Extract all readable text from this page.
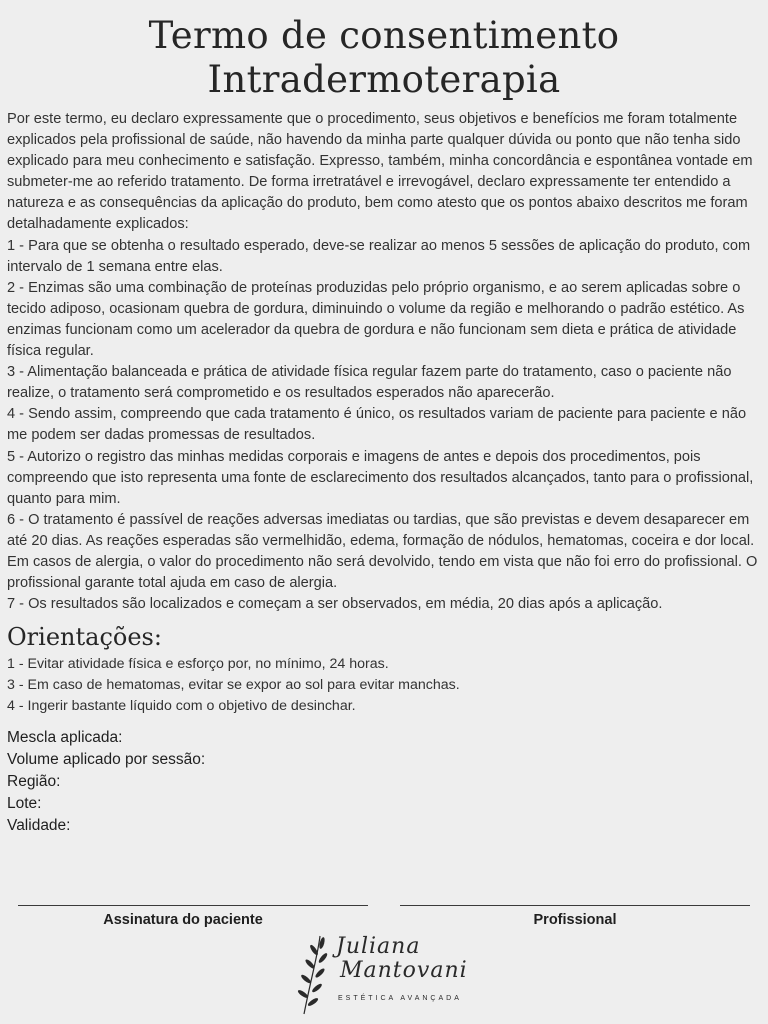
Termo de consentimento
Intradermoterapia

Por este termo, eu declaro expressamente que o procedimento, seus objetivos e benefícios me foram totalmente explicados pela profissional de saúde, não havendo da minha parte qualquer dúvida ou ponto que não tenha sido explicado para meu conhecimento e satisfação. Expresso, também, minha concordância e espontânea vontade em submeter-me ao referido tratamento. De forma irretratável e irrevogável, declaro expressamente ter entendido a natureza e as consequências da aplicação do produto, bem como atesto que os pontos abaixo descritos me foram detalhadamente explicados:

1 - Para que se obtenha o resultado esperado, deve-se realizar ao menos 5 sessões de aplicação do produto, com intervalo de 1 semana entre elas.

2 - Enzimas são uma combinação de proteínas produzidas pelo próprio organismo, e ao serem aplicadas sobre o tecido adiposo, ocasionam quebra de gordura, diminuindo o volume da região e melhorando o padrão estético. As enzimas funcionam como um acelerador da quebra de gordura e não funcionam sem dieta e prática de atividade física regular.

3 - Alimentação balanceada e prática de atividade física regular fazem parte do tratamento, caso o paciente não realize, o tratamento será comprometido e os resultados esperados não aparecerão.

4 - Sendo assim, compreendo que cada tratamento é único, os resultados variam de paciente para paciente e não me podem ser dadas promessas de resultados.

5 - Autorizo o registro das minhas medidas corporais e imagens de antes e depois dos procedimentos, pois compreendo que isto representa uma fonte de esclarecimento dos resultados alcançados, tanto para o profissional, quanto para mim.

6 - O tratamento é passível de reações adversas imediatas ou tardias, que são previstas e devem desaparecer em até 20 dias. As reações esperadas são vermelhidão, edema, formação de nódulos, hematomas, coceira e dor local. Em casos de alergia, o valor do procedimento não será devolvido, tendo em vista que não foi erro do profissional. O profissional garante total ajuda em caso de alergia.

7 - Os resultados são localizados e começam a ser observados, em média, 20 dias após a aplicação.

Orientações:

1 - Evitar atividade física e esforço por, no mínimo, 24 horas.

3 - Em caso de hematomas, evitar se expor ao sol para evitar manchas.

4 - Ingerir bastante líquido com o objetivo de desinchar.

Mescla aplicada:

Volume aplicado por sessão:

Região:

Lote:

Validade:

Assinatura do paciente	Profissional
Juliana
Mantovani
ESTÉTICA AVANÇADA
